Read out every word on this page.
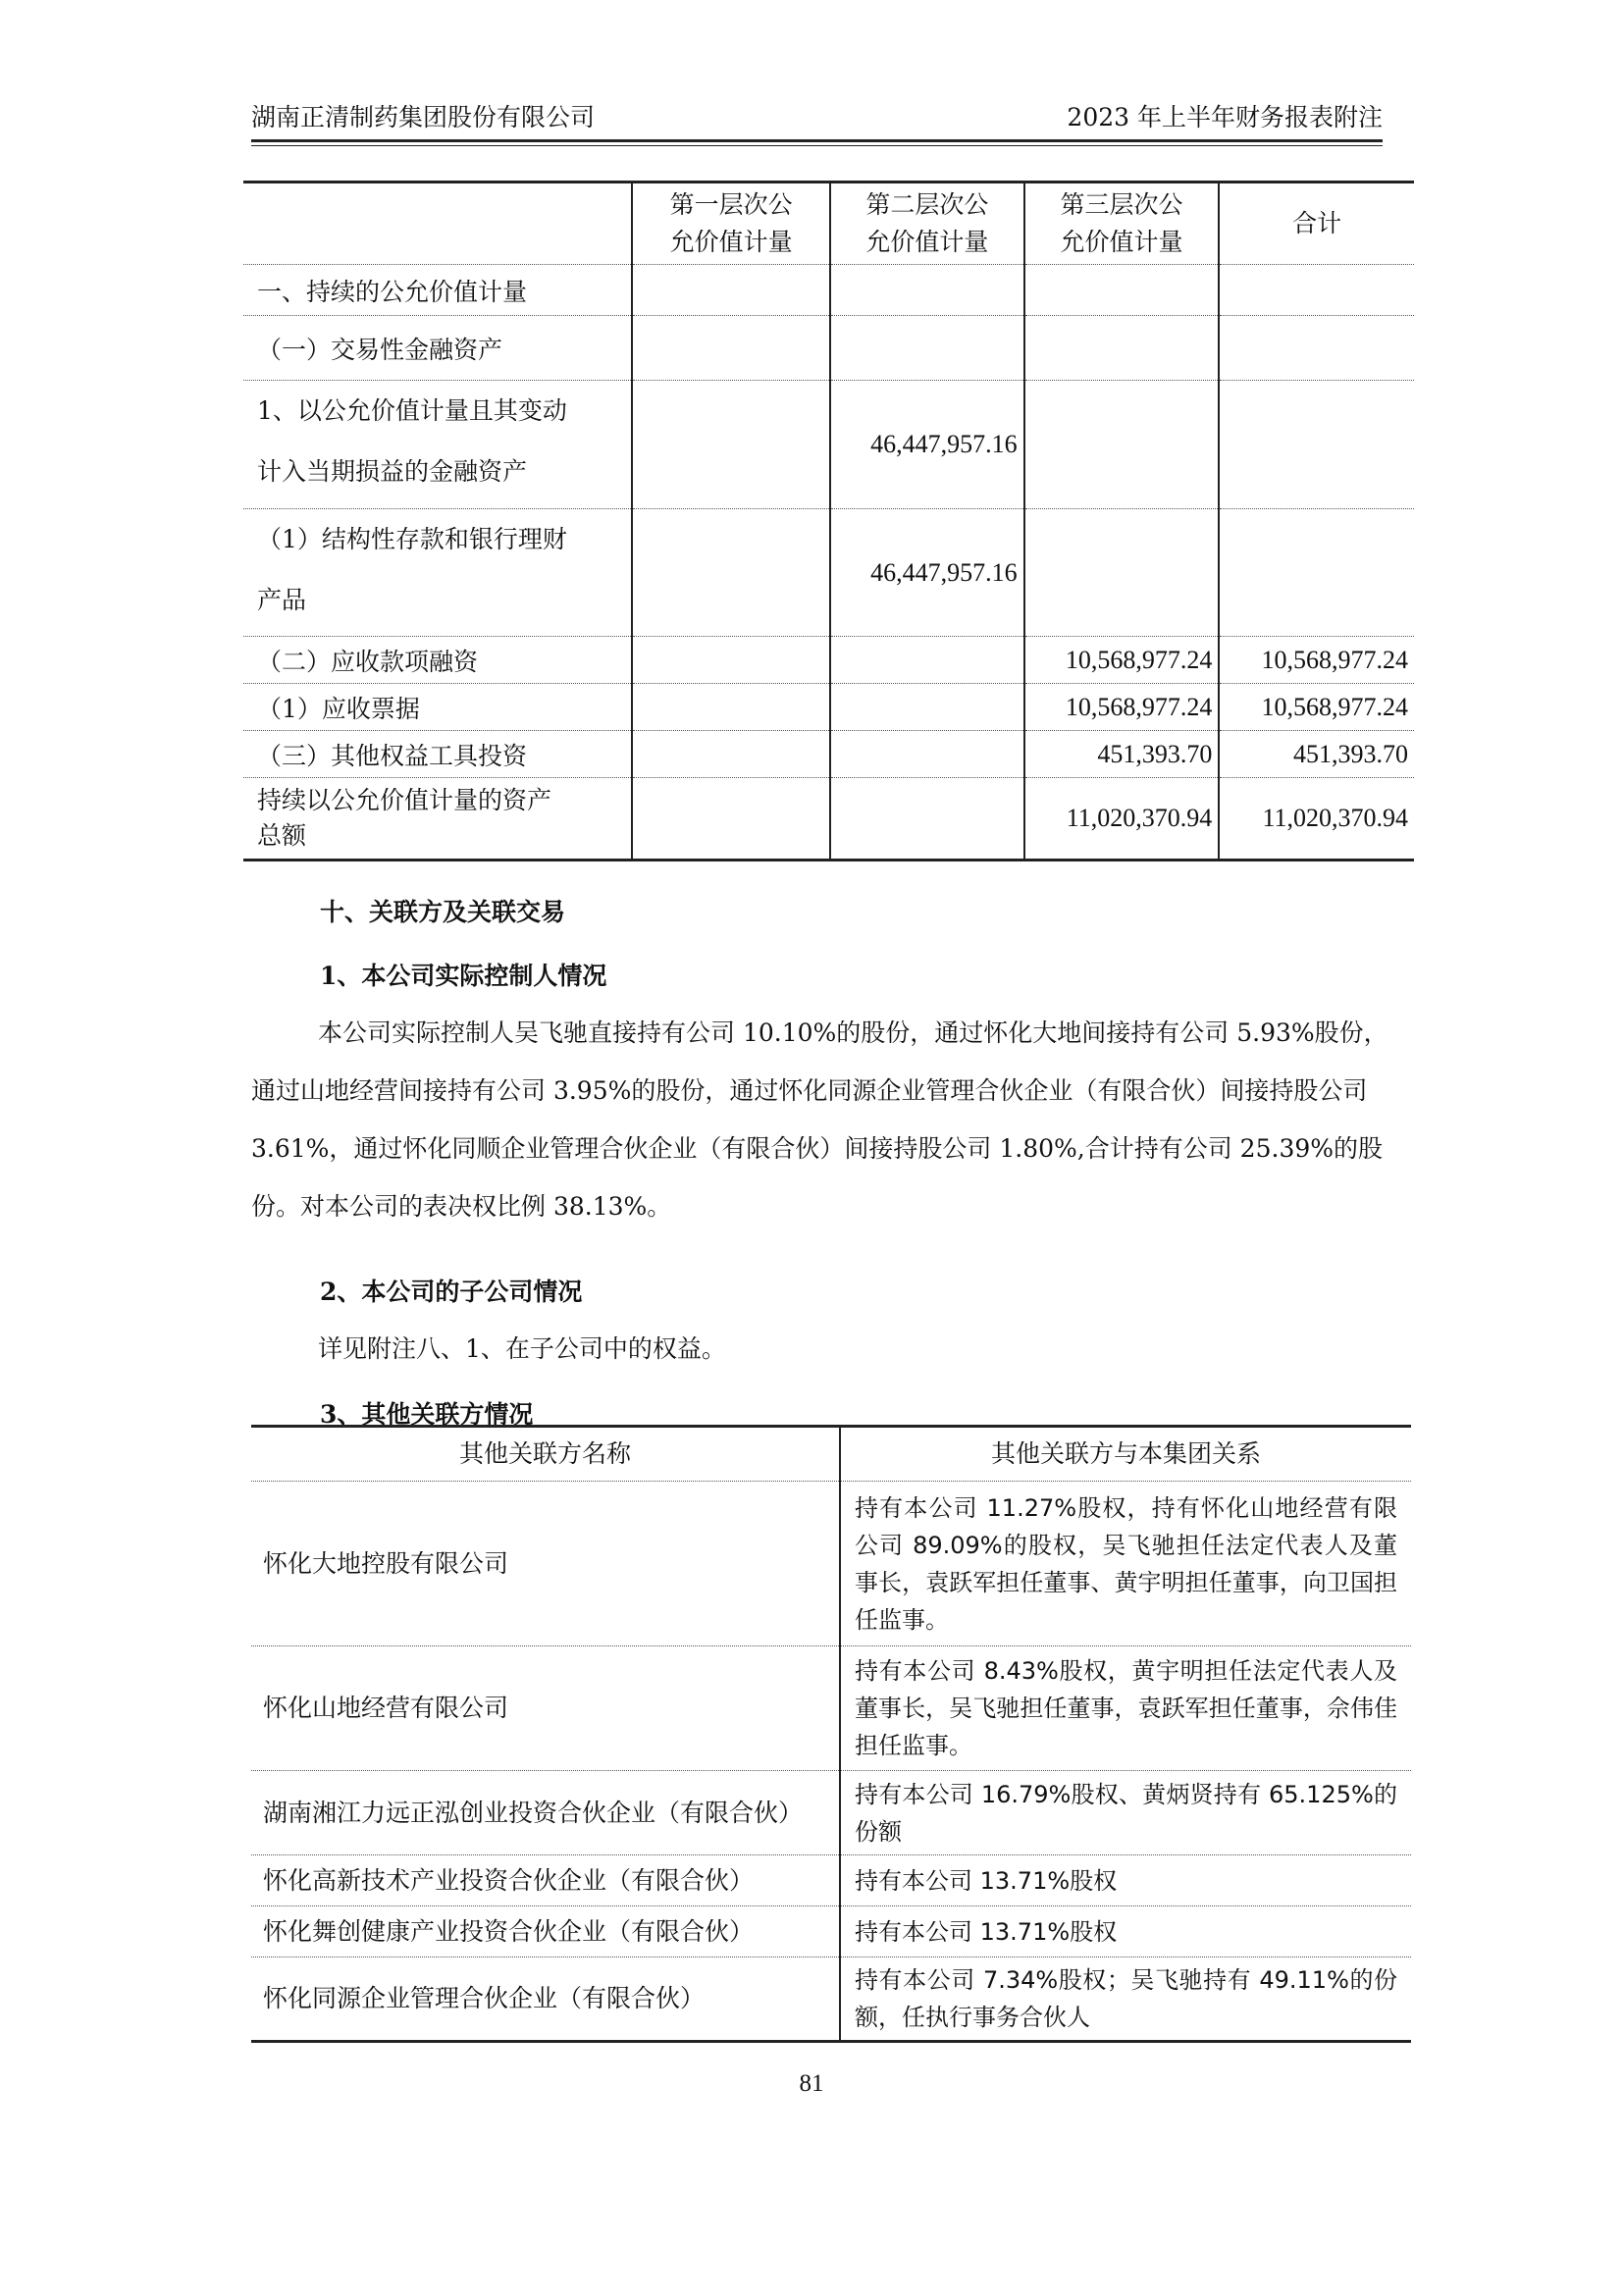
湖南正清制药集团股份有限公司	2023 年上半年财务报表附注
	第一层次公允价值计量	第二层次公允价值计量	第三层次公允价值计量	合计
一、持续的公允价值计量				
（一）交易性金融资产				

1、以公允价值计量且其变动
计入当期损益的金融资产		46,447,957.16		

（1）结构性存款和银行理财
产品		46,447,957.16		
（二）应收款项融资			10,568,977.24	10,568,977.24
（1）应收票据			10,568,977.24	10,568,977.24
（三）其他权益工具投资			451,393.70	451,393.70

持续以公允价值计量的资产
总额			11,020,370.94	11,020,370.94
十、关联方及关联交易
1、本公司实际控制人情况
本公司实际控制人吴飞驰直接持有公司 10.10%的股份，通过怀化大地间接持有公司 5.93%股份，通过山地经营间接持有公司 3.95%的股份，通过怀化同源企业管理合伙企业（有限合伙）间接持股公司 3.61%，通过怀化同顺企业管理合伙企业（有限合伙）间接持股公司 1.80%,合计持有公司 25.39%的股份。对本公司的表决权比例 38.13%。
2、本公司的子公司情况
详见附注八、1、在子公司中的权益。
3、其他关联方情况
其他关联方名称	其他关联方与本集团关系
怀化大地控股有限公司	持有本公司 11.27%股权，持有怀化山地经营有限公司 89.09%的股权，吴飞驰担任法定代表人及董事长，袁跃军担任董事、黄宇明担任董事，向卫国担任监事。
怀化山地经营有限公司	持有本公司 8.43%股权，黄宇明担任法定代表人及董事长，吴飞驰担任董事，袁跃军担任董事，佘伟佳担任监事。
湖南湘江力远正泓创业投资合伙企业（有限合伙）	持有本公司 16.79%股权、黄炳贤持有 65.125%的份额
怀化高新技术产业投资合伙企业（有限合伙）	持有本公司 13.71%股权
怀化舞创健康产业投资合伙企业（有限合伙）	持有本公司 13.71%股权
怀化同源企业管理合伙企业（有限合伙）	持有本公司 7.34%股权；吴飞驰持有 49.11%的份额，任执行事务合伙人
81
